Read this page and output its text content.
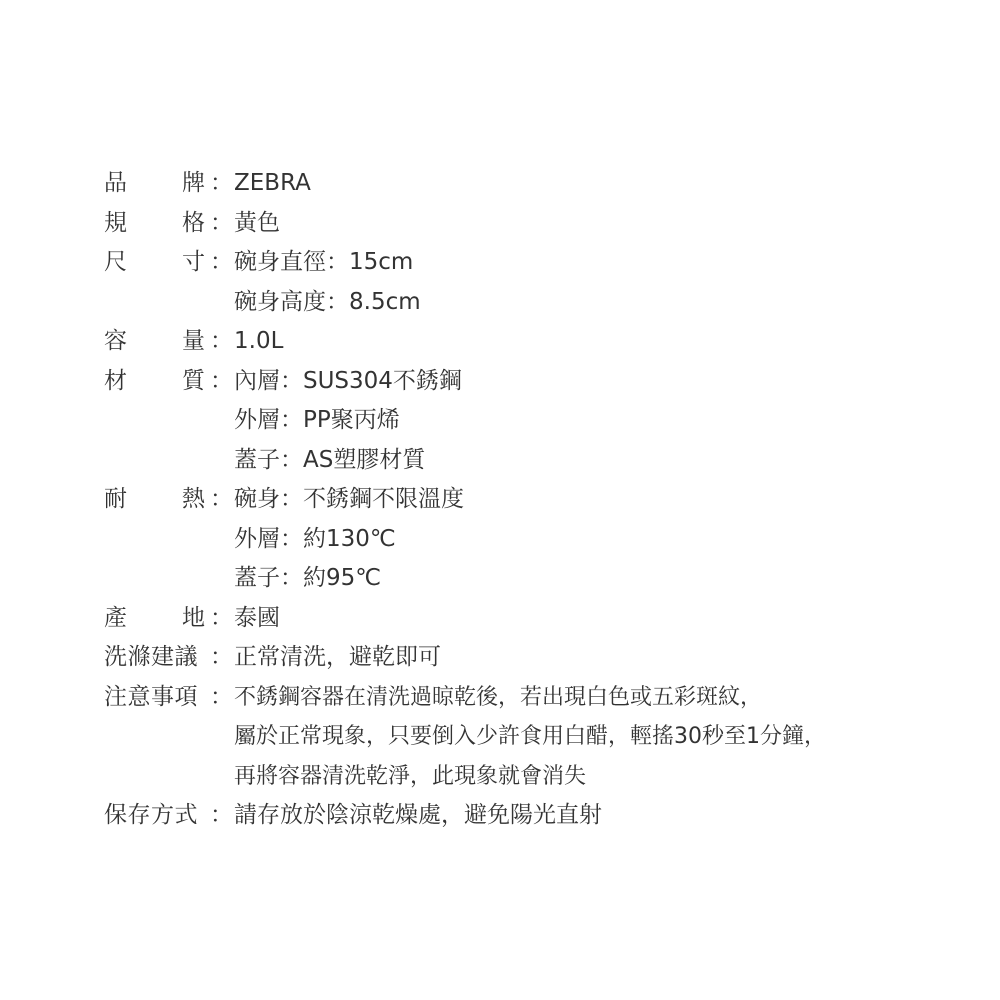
品 牌 ： ZEBRA
規 格 ： 黃色
尺 寸 ： 碗身直徑：15cm
碗身高度：8.5cm
容 量 ： 1.0L
材 質 ： 內層：SUS304不銹鋼
外層：PP聚丙烯
蓋子：AS塑膠材質
耐 熱 ： 碗身：不銹鋼不限溫度
外層：約130℃
蓋子：約95℃
產 地 ： 泰國
洗滌建議 ： 正常清洗，避乾即可
注意事項 ： 不銹鋼容器在清洗過晾乾後，若出現白色或五彩斑紋，
屬於正常現象，只要倒入少許食用白醋，輕搖30秒至1分鐘，
再將容器清洗乾淨，此現象就會消失
保存方式 ： 請存放於陰涼乾燥處，避免陽光直射
